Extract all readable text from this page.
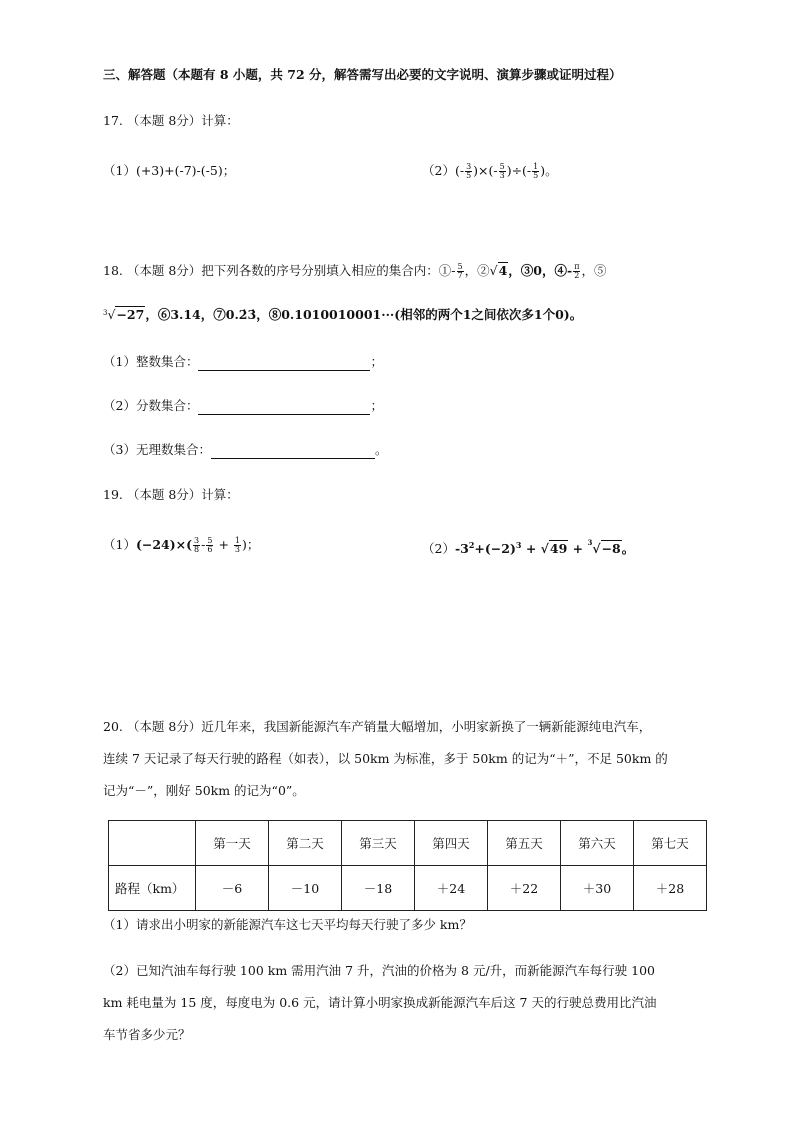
三、解答题（本题有 8 小题，共 72 分，解答需写出必要的文字说明、演算步骤或证明过程）
17. （本题 8分）计算：
（1）(+3)+(-7)-(-5)；	$(2)(- \frac{3}{5}$ )×(- $\frac{5}{3}$ )÷(- $\frac{1}{5}$ )。
18. （本题 8分）把下列各数的序号分别填入相应的集合内：①- $\frac{5}{7}$ ，②√4，③0，④- $\frac{\pi}{2}$ ，⑤
$^3$√−27，⑥3.14，⑦0.2̇3̇，⑧0.1010010001···(相邻的两个1之间依次多1个0)。
（1）整数集合：	；
（2）分数集合：	；
（3）无理数集合：	。
19. （本题 8分）计算：
$(1)(-24)\times( \frac{3}{8} - \frac{5}{6} + \frac{1}{3}$ )；	$(2)-3^2+(-2)^3 + √49 + ^3√-8$。
20. （本题 8分）近几年来，我国新能源汽车产销量大幅增加，小明家新换了一辆新能源纯电汽车，
连续 7 天记录了每天行驶的路程（如表），以 50km 为标准，多于 50km 的记为“＋”，不足 50km 的
记为“－”，刚好 50km 的记为“0”。
	第一天	第二天	第三天	第四天	第五天	第六天	第七天
路程（km）	－6	－10	－18	＋24	＋22	＋30	＋28
（1）请求出小明家的新能源汽车这七天平均每天行驶了多少 km？
（2）已知汽油车每行驶 100 km 需用汽油 7 升，汽油的价格为 8 元/升，而新能源汽车每行驶 100
km 耗电量为 15 度，每度电为 0.6 元，请计算小明家换成新能源汽车后这 7 天的行驶总费用比汽油
车节省多少元？
